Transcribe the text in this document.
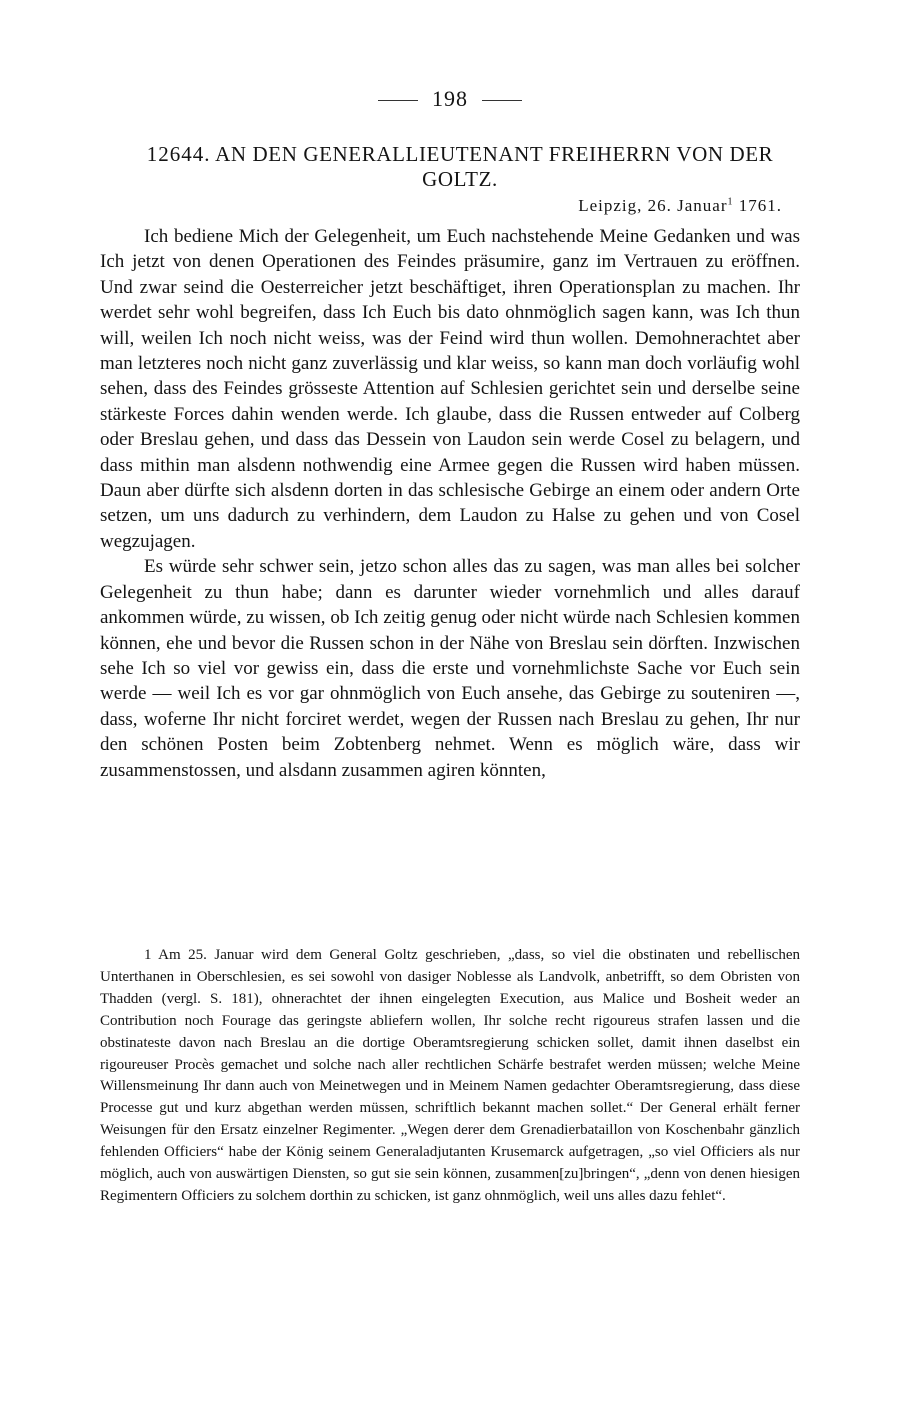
198
12644. AN DEN GENERALLIEUTENANT FREIHERRN VON DER GOLTZ.
Leipzig, 26. Januar$^1$ 1761.

Ich bediene Mich der Gelegenheit, um Euch nachstehende Meine Gedanken und was Ich jetzt von denen Operationen des Feindes präsumire, ganz im Vertrauen zu eröffnen. Und zwar seind die Oesterreicher jetzt beschäftiget, ihren Operationsplan zu machen. Ihr werdet sehr wohl begreifen, dass Ich Euch bis dato ohnmöglich sagen kann, was Ich thun will, weilen Ich noch nicht weiss, was der Feind wird thun wollen. Demohnerachtet aber man letzteres noch nicht ganz zuverlässig und klar weiss, so kann man doch vorläufig wohl sehen, dass des Feindes grösseste Attention auf Schlesien gerichtet sein und derselbe seine stärkeste Forces dahin wenden werde. Ich glaube, dass die Russen entweder auf Colberg oder Breslau gehen, und dass das Dessein von Laudon sein werde Cosel zu belagern, und dass mithin man alsdenn nothwendig eine Armee gegen die Russen wird haben müssen. Daun aber dürfte sich alsdenn dorten in das schlesische Gebirge an einem oder andern Orte setzen, um uns dadurch zu verhindern, dem Laudon zu Halse zu gehen und von Cosel wegzujagen.

Es würde sehr schwer sein, jetzo schon alles das zu sagen, was man alles bei solcher Gelegenheit zu thun habe; dann es darunter wieder vornehmlich und alles darauf ankommen würde, zu wissen, ob Ich zeitig genug oder nicht würde nach Schlesien kommen können, ehe und bevor die Russen schon in der Nähe von Breslau sein dörften. Inzwischen sehe Ich so viel vor gewiss ein, dass die erste und vornehmlichste Sache vor Euch sein werde — weil Ich es vor gar ohnmöglich von Euch ansehe, das Gebirge zu souteniren —, dass, woferne Ihr nicht forciret werdet, wegen der Russen nach Breslau zu gehen, Ihr nur den schönen Posten beim Zobtenberg nehmet. Wenn es möglich wäre, dass wir zusammenstossen, und alsdann zusammen agiren könnten,

1 Am 25. Januar wird dem General Goltz geschrieben, „dass, so viel die obstinaten und rebellischen Unterthanen in Oberschlesien, es sei sowohl von dasiger Noblesse als Landvolk, anbetrifft, so dem Obristen von Thadden (vergl. S. 181), ohnerachtet der ihnen eingelegten Execution, aus Malice und Bosheit weder an Contribution noch Fourage das geringste abliefern wollen, Ihr solche recht rigoureus strafen lassen und die obstinateste davon nach Breslau an die dortige Oberamtsregierung schicken sollet, damit ihnen daselbst ein rigoureuser Procès gemachet und solche nach aller rechtlichen Schärfe bestrafet werden müssen; welche Meine Willensmeinung Ihr dann auch von Meinetwegen und in Meinem Namen gedachter Oberamtsregierung, dass diese Processe gut und kurz abgethan werden müssen, schriftlich bekannt machen sollet.“ Der General erhält ferner Weisungen für den Ersatz einzelner Regimenter. „Wegen derer dem Grenadierbataillon von Koschenbahr gänzlich fehlenden Officiers“ habe der König seinem Generaladjutanten Krusemarck aufgetragen, „so viel Officiers als nur möglich, auch von auswärtigen Diensten, so gut sie sein können, zusammen[zu]bringen“, „denn von denen hiesigen Regimentern Officiers zu solchem dorthin zu schicken, ist ganz ohnmöglich, weil uns alles dazu fehlet“.
